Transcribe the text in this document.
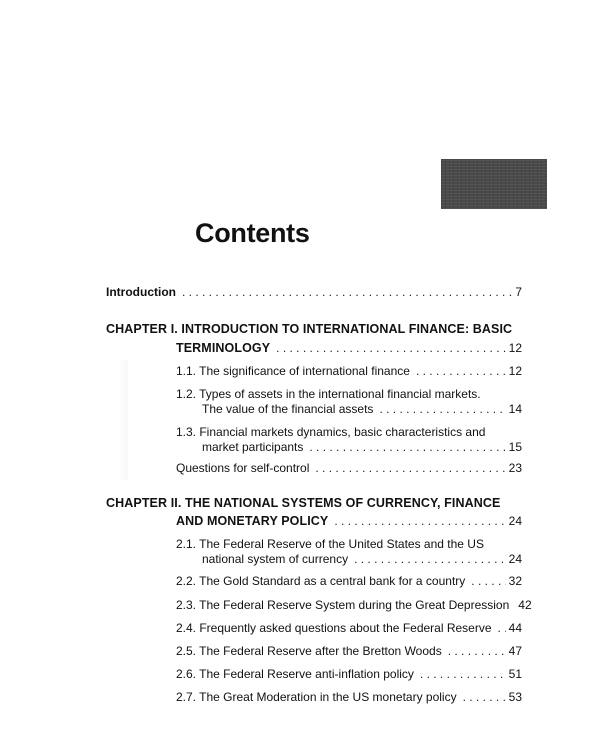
Contents
Introduction . . .	7
CHAPTER I. INTRODUCTION TO INTERNATIONAL FINANCE: BASIC
TERMINOLOGY . . .	12
1.1. The significance of international finance . . .	12
1.2. Types of assets in the international financial markets.
The value of the financial assets . . .	14
1.3. Financial markets dynamics, basic characteristics and
market participants . . .	15
Questions for self-control . . .	23
CHAPTER II. THE NATIONAL SYSTEMS OF CURRENCY, FINANCE
AND MONETARY POLICY . . .	24
2.1. The Federal Reserve of the United States and the US
national system of currency . . .	24
2.2. The Gold Standard as a central bank for a country . . .	32
2.3. The Federal Reserve System during the Great Depression 42
2.4. Frequently asked questions about the Federal Reserve . . . 44
2.5. The Federal Reserve after the Bretton Woods . . .	47
2.6. The Federal Reserve anti-inflation policy . . .	51
2.7. The Great Moderation in the US monetary policy . . .	53
